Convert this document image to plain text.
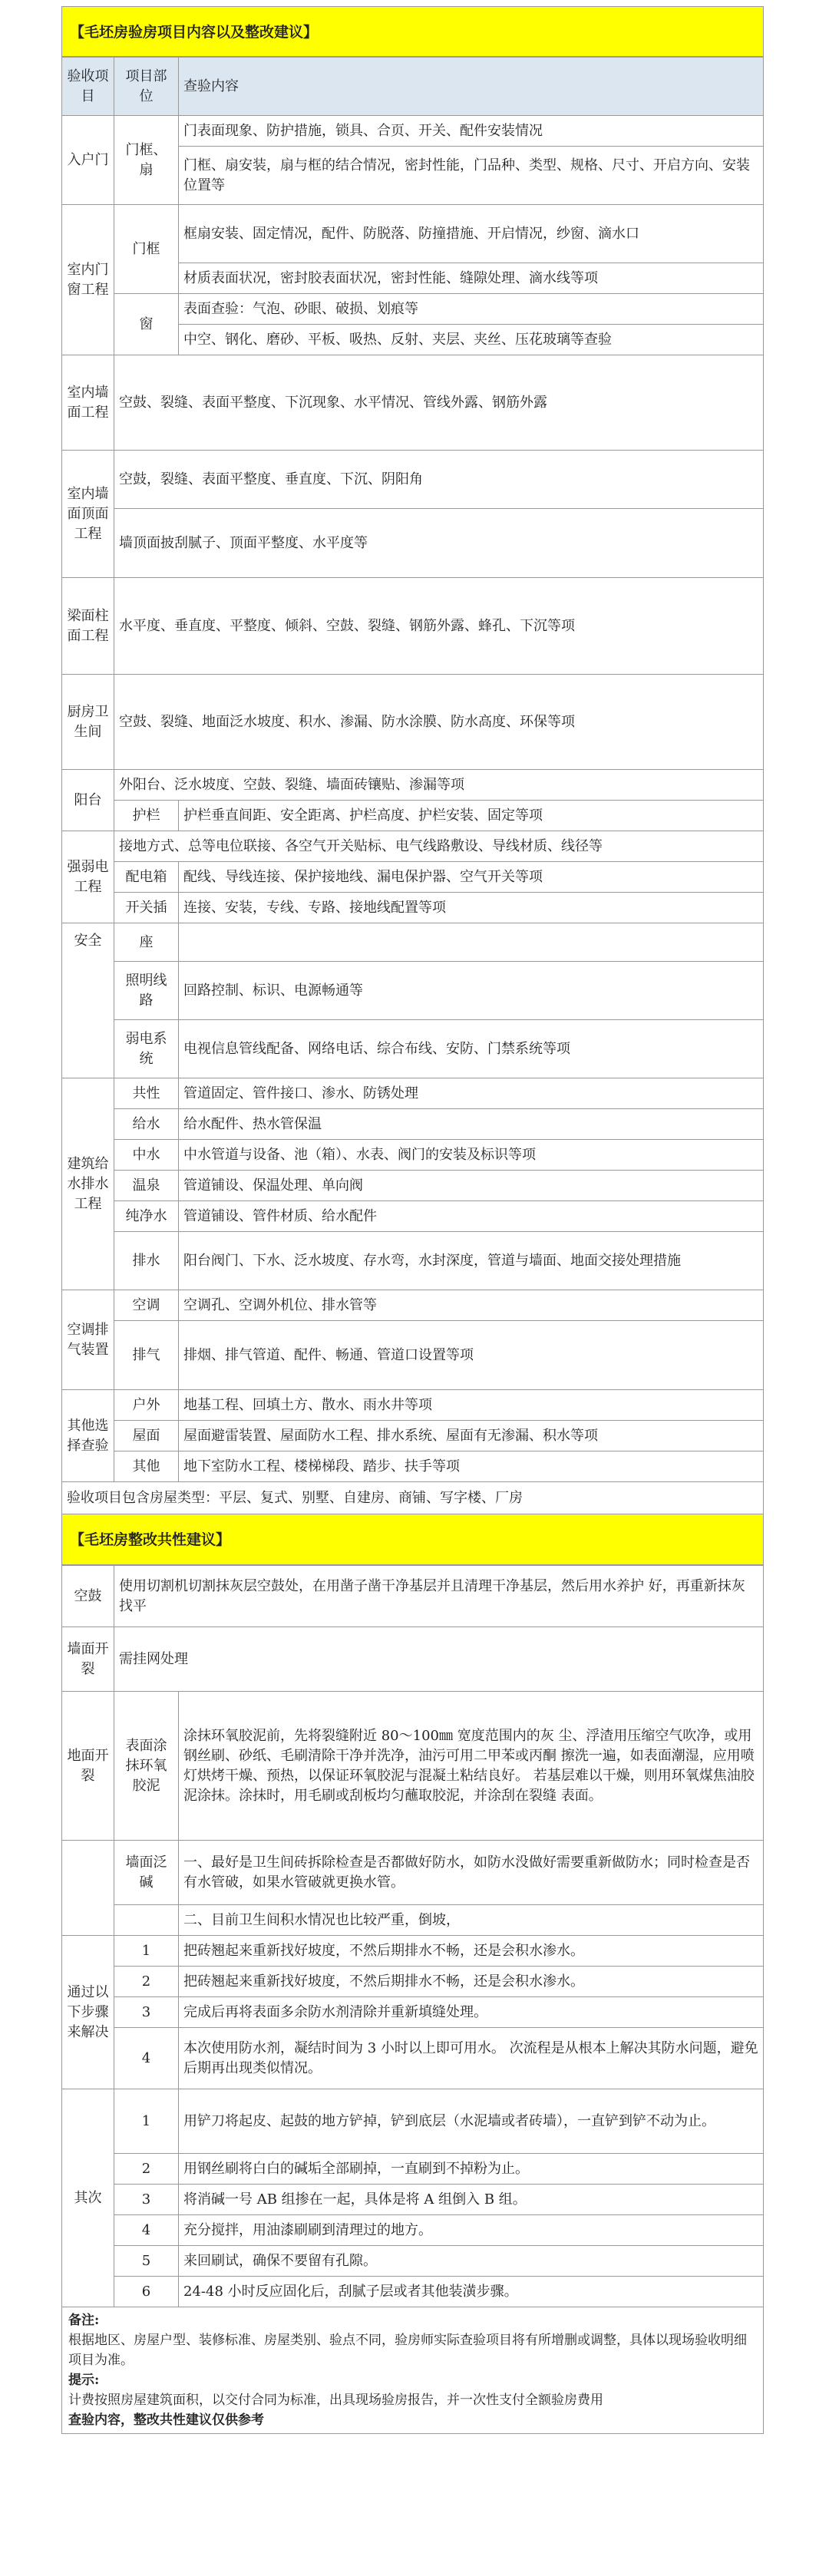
【毛坯房验房项目内容以及整改建议】
验收项目	项目部位	查验内容
入户门	门框、扇	门表面现象、防护措施，锁具、合页、开关、配件安装情况
		门框、扇安装，扇与框的结合情况，密封性能，门品种、类型、规格、尺寸、开启方向、安装位置等
室内门窗工程	门框	框扇安装、固定情况，配件、防脱落、防撞措施、开启情况，纱窗、滴水口
		材质表面状况，密封胶表面状况，密封性能、缝隙处理、滴水线等项
	窗	表面查验：气泡、砂眼、破损、划痕等
		中空、钢化、磨砂、平板、吸热、反射、夹层、夹丝、压花玻璃等查验
室内墙面工程	空鼓、裂缝、表面平整度、下沉现象、水平情况、管线外露、钢筋外露	
室内墙面顶面工程	空鼓，裂缝、表面平整度、垂直度、下沉、阴阳角	
	墙顶面披刮腻子、顶面平整度、水平度等	
梁面柱面工程	水平度、垂直度、平整度、倾斜、空鼓、裂缝、钢筋外露、蜂孔、下沉等项	
厨房卫生间	空鼓、裂缝、地面泛水坡度、积水、渗漏、防水涂膜、防水高度、环保等项	
阳台	外阳台、泛水坡度、空鼓、裂缝、墙面砖镶贴、渗漏等项	
	护栏	护栏垂直间距、安全距离、护栏高度、护栏安装、固定等项
强弱电工程	接地方式、总等电位联接、各空气开关贴标、电气线路敷设、导线材质、线径等	
	配电箱	配线、导线连接、保护接地线、漏电保护器、空气开关等项
	开关插	连接、安装，专线、专路、接地线配置等项
安全	座	
	照明线路	回路控制、标识、电源畅通等
	弱电系统	电视信息管线配备、网络电话、综合布线、安防、门禁系统等项
建筑给水排水工程	共性	管道固定、管件接口、渗水、防锈处理
	给水	给水配件、热水管保温
	中水	中水管道与设备、池（箱）、水表、阀门的安装及标识等项
	温泉	管道铺设、保温处理、单向阀
	纯净水	管道铺设、管件材质、给水配件
	排水	阳台阀门、下水、泛水坡度、存水弯，水封深度，管道与墙面、地面交接处理措施
空调排气装置	空调	空调孔、空调外机位、排水管等
	排气	排烟、排气管道、配件、畅通、管道口设置等项
其他选择查验	户外	地基工程、回填土方、散水、雨水井等项
	屋面	屋面避雷装置、屋面防水工程、排水系统、屋面有无渗漏、积水等项
	其他	地下室防水工程、楼梯梯段、踏步、扶手等项
验收项目包含房屋类型：平层、复式、别墅、自建房、商铺、写字楼、厂房		
【毛坯房整改共性建议】
空鼓	使用切割机切割抹灰层空鼓处，在用凿子凿干净基层并且清理干净基层，然后用水养护 好，再重新抹灰找平	
墙面开裂	需挂网处理	
地面开裂	表面涂抹环氧胶泥	涂抹环氧胶泥前，先将裂缝附近 80～100㎜ 宽度范围内的灰 尘、浮渣用压缩空气吹净，或用钢丝刷、砂纸、毛刷清除干净并洗净，油污可用二甲苯或丙酮 擦洗一遍，如表面潮湿，应用喷灯烘烤干燥、预热，以保证环氧胶泥与混凝土粘结良好。 若基层难以干燥，则用环氧煤焦油胶泥涂抹。涂抹时，用毛刷或刮板均匀蘸取胶泥，并涂刮在裂缝 表面。
	墙面泛碱	一、最好是卫生间砖拆除检查是否都做好防水，如防水没做好需要重新做防水；同时检查是否 有水管破，如果水管破就更换水管。
		二、目前卫生间积水情况也比较严重，倒坡，
通过以下步骤来解决	1	把砖翘起来重新找好坡度，不然后期排水不畅，还是会积水渗水。
	2	把砖翘起来重新找好坡度，不然后期排水不畅，还是会积水渗水。
	3	完成后再将表面多余防水剂清除并重新填缝处理。
	4	本次使用防水剂，凝结时间为 3 小时以上即可用水。 次流程是从根本上解决其防水问题，避免后期再出现类似情况。
其次	1	用铲刀将起皮、起鼓的地方铲掉，铲到底层（水泥墙或者砖墙），一直铲到铲不动为止。
	2	用钢丝刷将白白的碱垢全部刷掉，一直刷到不掉粉为止。
	3	将消碱一号 AB 组掺在一起，具体是将 A 组倒入 B 组。
	4	充分搅拌，用油漆刷刷到清理过的地方。
	5	来回刷试，确保不要留有孔隙。
	6	24-48 小时反应固化后，刮腻子层或者其他装潢步骤。
备注:
根据地区、房屋户型、装修标准、房屋类别、验点不同，验房师实际查验项目将有所增删或调整，具体以现场验收明细项目为准。
提示:
计费按照房屋建筑面积，以交付合同为标准，出具现场验房报告，并一次性支付全额验房费用
查验内容，整改共性建议仅供参考
